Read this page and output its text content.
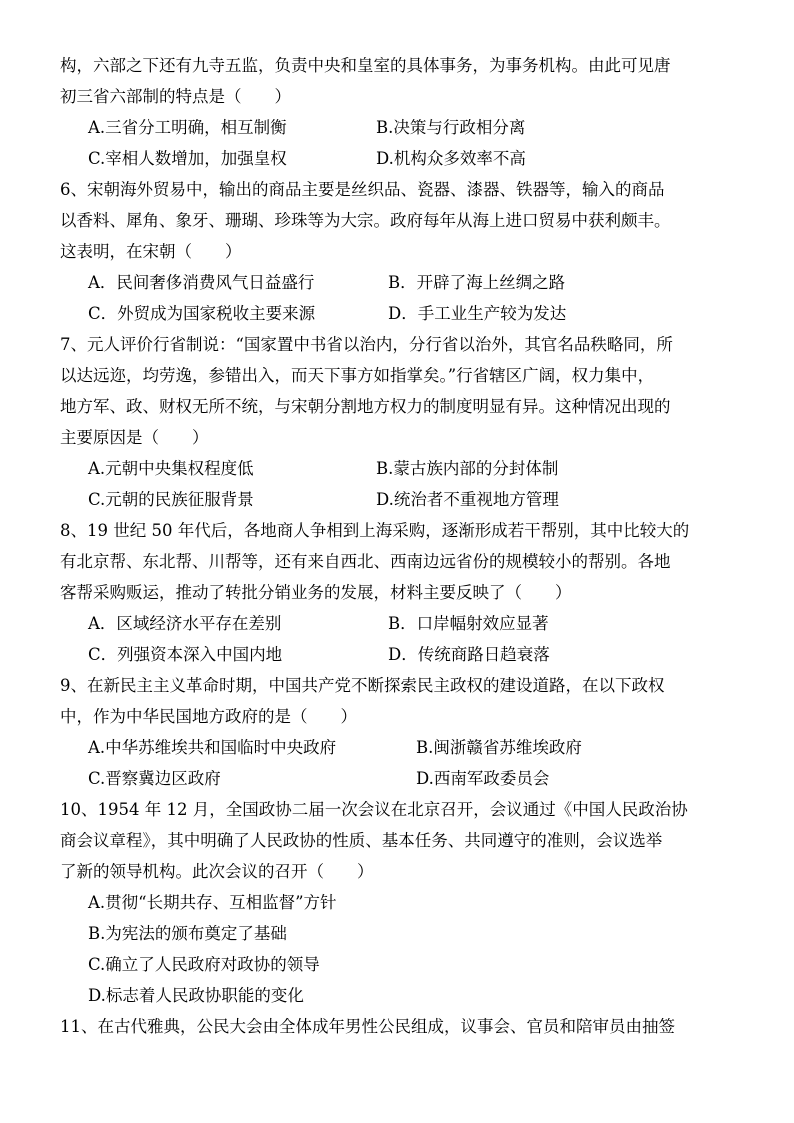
构，六部之下还有九寺五监，负责中央和皇室的具体事务，为事务机构。由此可见唐
初三省六部制的特点是（　　）
A.三省分工明确，相互制衡	B.决策与行政相分离
C.宰相人数增加，加强皇权	D.机构众多效率不高
6、宋朝海外贸易中，输出的商品主要是丝织品、瓷器、漆器、铁器等，输入的商品
以香料、犀角、象牙、珊瑚、珍珠等为大宗。政府每年从海上进口贸易中获利颇丰。
这表明，在宋朝（　　）
A．民间奢侈消费风气日益盛行	B．开辟了海上丝绸之路
C．外贸成为国家税收主要来源	D．手工业生产较为发达
7、元人评价行省制说：“国家置中书省以治内，分行省以治外，其官名品秩略同，所
以达远迩，均劳逸，参错出入，而天下事方如指掌矣。”行省辖区广阔，权力集中，
地方军、政、财权无所不统，与宋朝分割地方权力的制度明显有异。这种情况出现的
主要原因是（　　）
A.元朝中央集权程度低	B.蒙古族内部的分封体制
C.元朝的民族征服背景	D.统治者不重视地方管理
8、19 世纪 50 年代后，各地商人争相到上海采购，逐渐形成若干帮别，其中比较大的
有北京帮、东北帮、川帮等，还有来自西北、西南边远省份的规模较小的帮别。各地
客帮采购贩运，推动了转批分销业务的发展，材料主要反映了（　　）
A．区域经济水平存在差别	B．口岸幅射效应显著
C．列强资本深入中国内地	D．传统商路日趋衰落
9、在新民主主义革命时期，中国共产党不断探索民主政权的建设道路，在以下政权
中，作为中华民国地方政府的是（　　）
A.中华苏维埃共和国临时中央政府	B.闽浙赣省苏维埃政府
C.晋察冀边区政府	D.西南军政委员会
10、1954 年 12 月，全国政协二届一次会议在北京召开，会议通过《中国人民政治协
商会议章程》，其中明确了人民政协的性质、基本任务、共同遵守的准则，会议选举
了新的领导机构。此次会议的召开（　　）
A.贯彻“长期共存、互相监督”方针
B.为宪法的颁布奠定了基础
C.确立了人民政府对政协的领导
D.标志着人民政协职能的变化
11、在古代雅典，公民大会由全体成年男性公民组成，议事会、官员和陪审员由抽签
